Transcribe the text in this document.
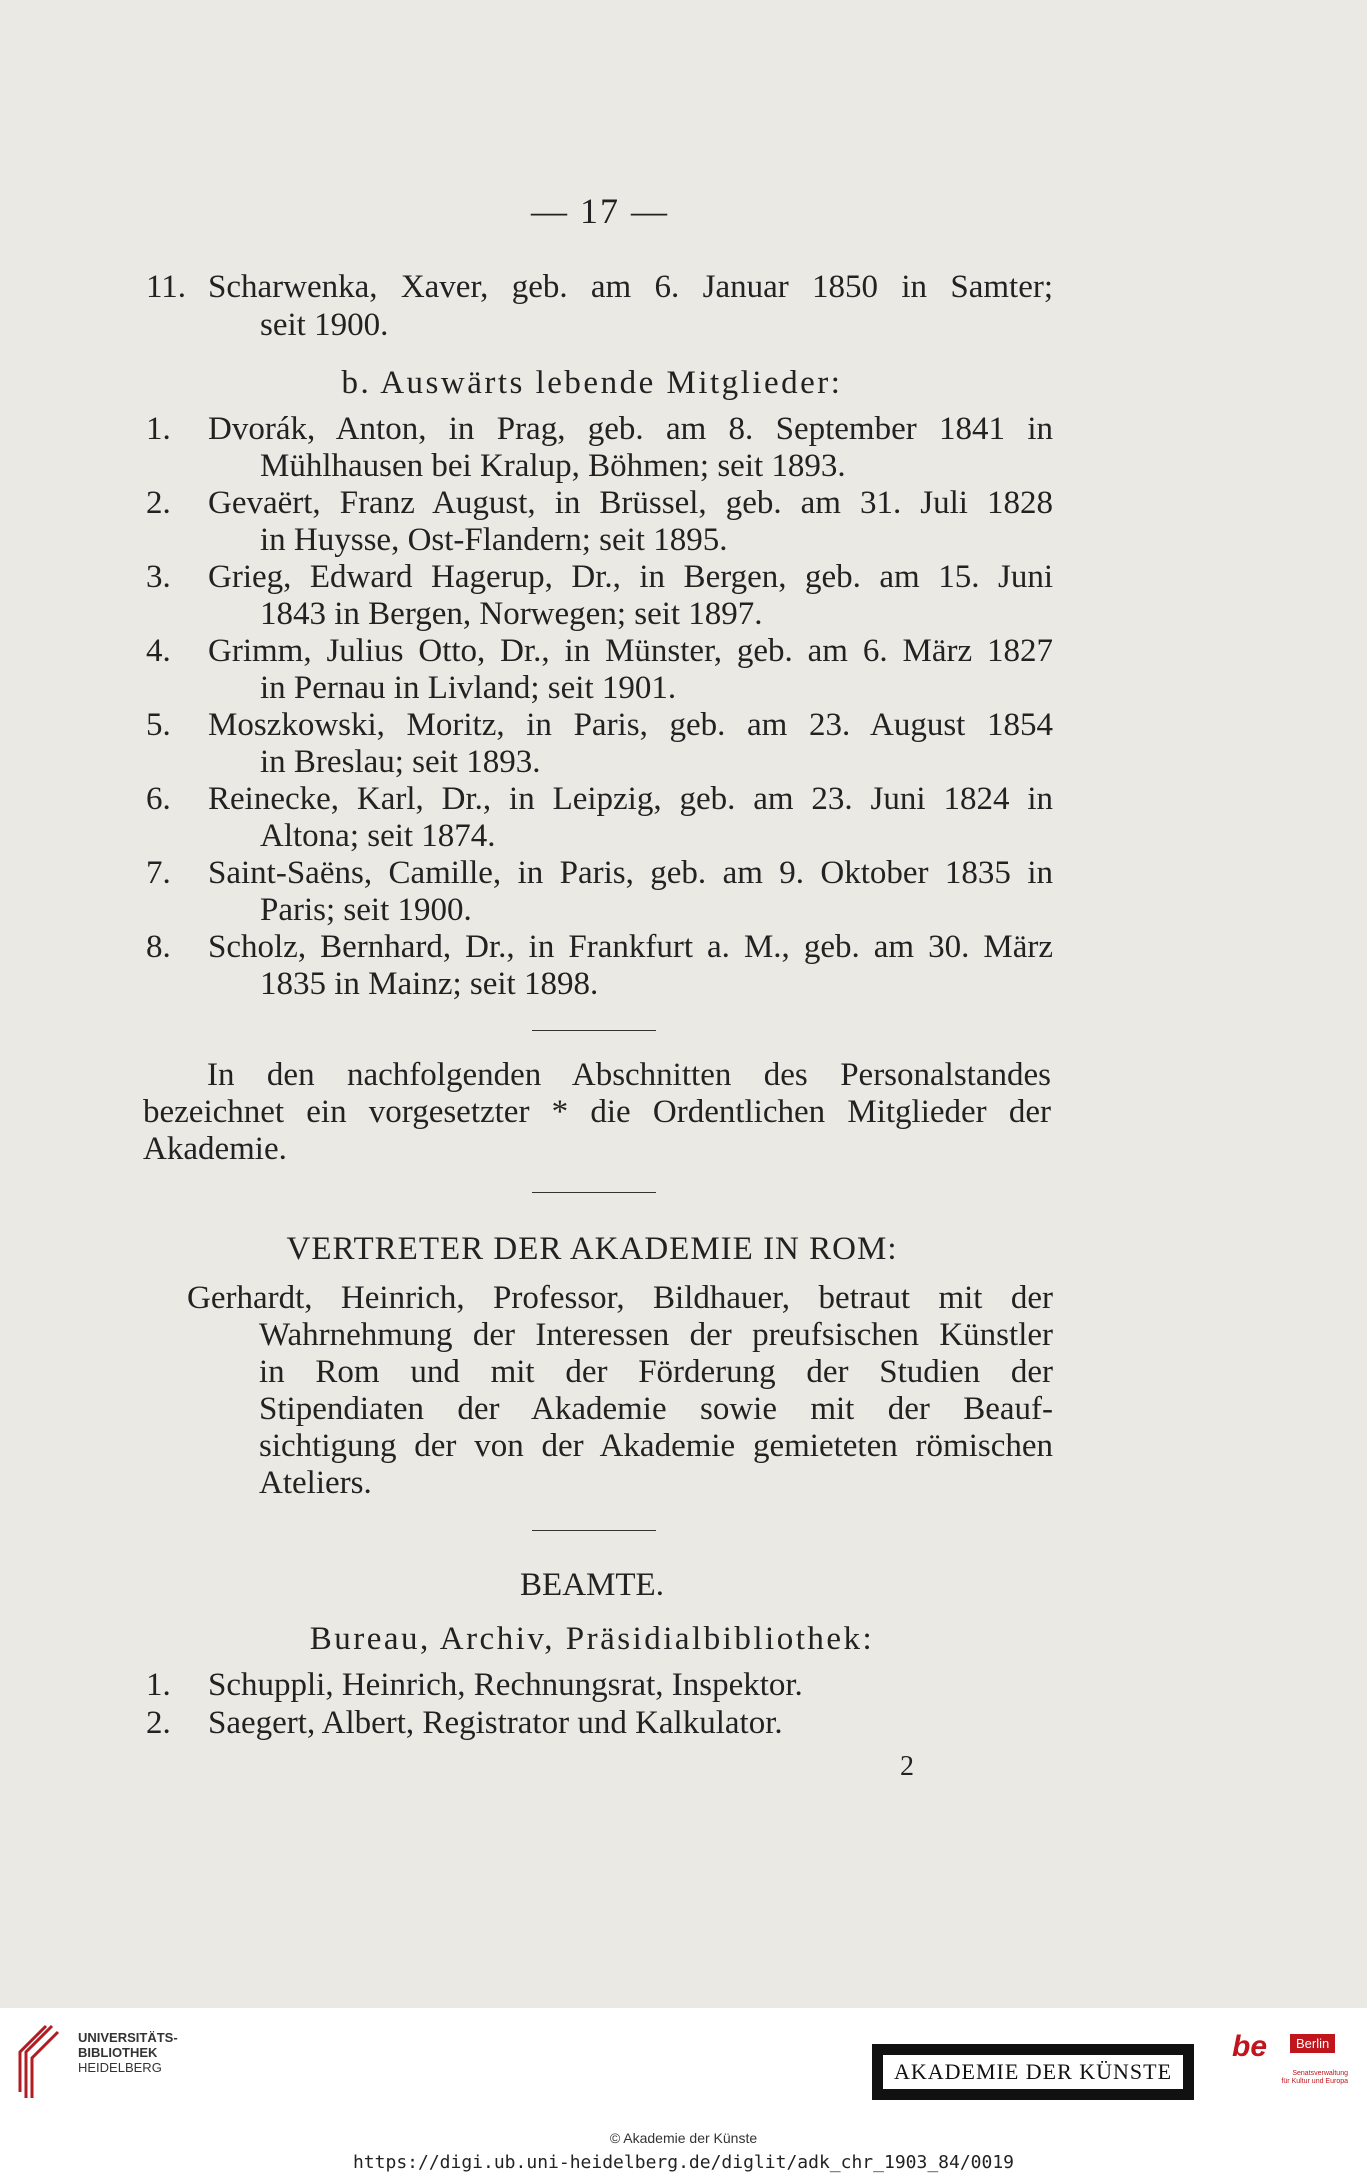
— 17 —
11. Scharwenka, Xaver, geb. am 6. Januar 1850 in Samter;
seit 1900.
b. Auswärts lebende Mitglieder:
1. Dvorák, Anton, in Prag, geb. am 8. September 1841 in
Mühlhausen bei Kralup, Böhmen; seit 1893.
2. Gevaërt, Franz August, in Brüssel, geb. am 31. Juli 1828
in Huysse, Ost-Flandern; seit 1895.
3. Grieg, Edward Hagerup, Dr., in Bergen, geb. am 15. Juni
1843 in Bergen, Norwegen; seit 1897.
4. Grimm, Julius Otto, Dr., in Münster, geb. am 6. März 1827
in Pernau in Livland; seit 1901.
5. Moszkowski, Moritz, in Paris, geb. am 23. August 1854
in Breslau; seit 1893.
6. Reinecke, Karl, Dr., in Leipzig, geb. am 23. Juni 1824 in
Altona; seit 1874.
7. Saint-Saëns, Camille, in Paris, geb. am 9. Oktober 1835 in
Paris; seit 1900.
8. Scholz, Bernhard, Dr., in Frankfurt a. M., geb. am 30. März
1835 in Mainz; seit 1898.
In den nachfolgenden Abschnitten des Personalstandes
bezeichnet ein vorgesetzter * die Ordentlichen Mitglieder der
Akademie.
VERTRETER DER AKADEMIE IN ROM:
Gerhardt, Heinrich, Professor, Bildhauer, betraut mit der
Wahrnehmung der Interessen der preufsischen Künstler
in Rom und mit der Förderung der Studien der
Stipendiaten der Akademie sowie mit der Beauf-
sichtigung der von der Akademie gemieteten römischen
Ateliers.
BEAMTE.
Bureau, Archiv, Präsidialbibliothek:
1. Schuppli, Heinrich, Rechnungsrat, Inspektor.
2. Saegert, Albert, Registrator und Kalkulator.
2
UNIVERSITÄTS-
BIBLIOTHEK
HEIDELBERG	AKADEMIE DER KÜNSTE
be	Berlin
Senatsverwaltung
für Kultur und Europa
© Akademie der Künste
https://digi.ub.uni-heidelberg.de/diglit/adk_chr_1903_84/0019
